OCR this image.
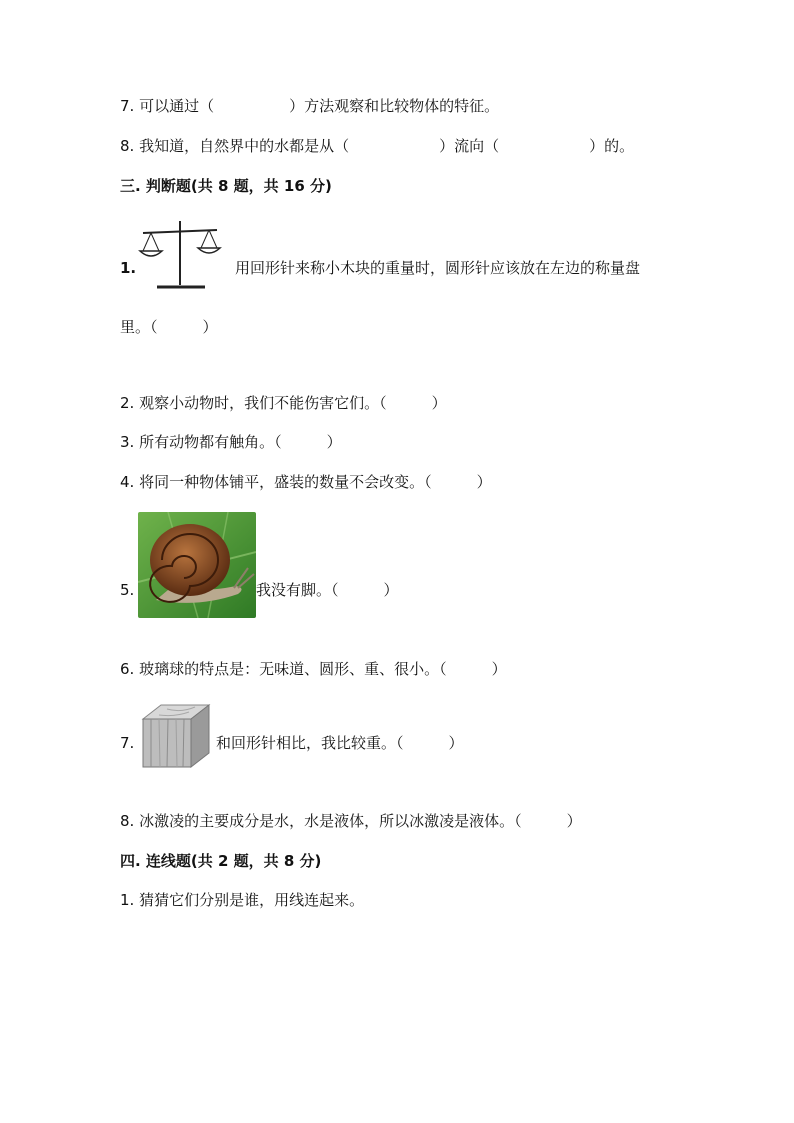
7. 可以通过（　　　　　）方法观察和比较物体的特征。
8. 我知道，自然界中的水都是从（　　　　　　）流向（　　　　　　）的。
三. 判断题(共 8 题，共 16 分)
1.	用回形针来称小木块的重量时，圆形针应该放在左边的称量盘
里。（　　　）
2. 观察小动物时，我们不能伤害它们。（　　　）
3. 所有动物都有触角。（　　　）
4. 将同一种物体铺平，盛装的数量不会改变。（　　　）
5.	我没有脚。（　　　）
6. 玻璃球的特点是：无味道、圆形、重、很小。（　　　）
7.	和回形针相比，我比较重。（　　　）
8. 冰激凌的主要成分是水，水是液体，所以冰激凌是液体。（　　　）
四. 连线题(共 2 题，共 8 分)
1. 猜猜它们分别是谁，用线连起来。
